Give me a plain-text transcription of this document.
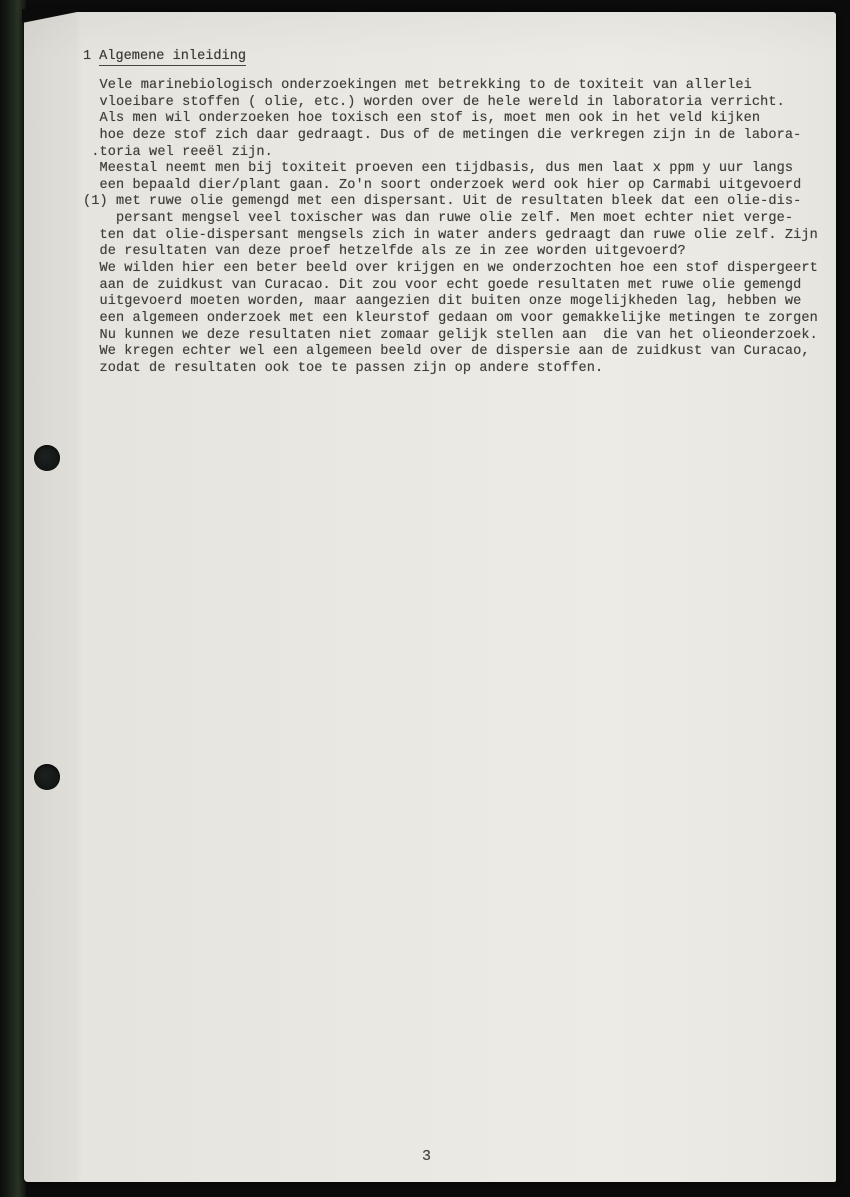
1 Algemene inleiding
Vele marinebiologisch onderzoekingen met betrekking to de toxiteit van allerlei
vloeibare stoffen ( olie, etc.) worden over de hele wereld in laboratoria verricht.
Als men wil onderzoeken hoe toxisch een stof is, moet men ook in het veld kijken
hoe deze stof zich daar gedraagt. Dus of de metingen die verkregen zijn in de labora-
.toria wel reeël zijn.
Meestal neemt men bij toxiteit proeven een tijdbasis, dus men laat x ppm y uur langs
een bepaald dier/plant gaan. Zo'n soort onderzoek werd ook hier op Carmabi uitgevoerd
(1) met ruwe olie gemengd met een dispersant. Uit de resultaten bleek dat een olie-dis-
persant mengsel veel toxischer was dan ruwe olie zelf. Men moet echter niet verge-
ten dat olie-dispersant mengsels zich in water anders gedraagt dan ruwe olie zelf. Zijn
de resultaten van deze proef hetzelfde als ze in zee worden uitgevoerd?
We wilden hier een beter beeld over krijgen en we onderzochten hoe een stof dispergeert
aan de zuidkust van Curacao. Dit zou voor echt goede resultaten met ruwe olie gemengd
uitgevoerd moeten worden, maar aangezien dit buiten onze mogelijkheden lag, hebben we
een algemeen onderzoek met een kleurstof gedaan om voor gemakkelijke metingen te zorgen
Nu kunnen we deze resultaten niet zomaar gelijk stellen aan  die van het olieonderzoek.
We kregen echter wel een algemeen beeld over de dispersie aan de zuidkust van Curacao,
zodat de resultaten ook toe te passen zijn op andere stoffen.
3
